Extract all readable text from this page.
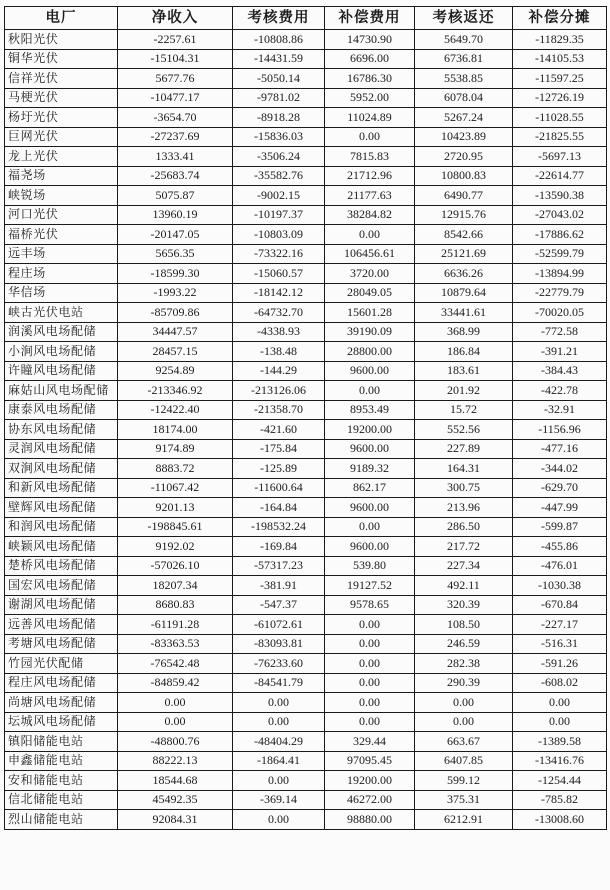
电厂	净收入	考核费用	补偿费用	考核返还	补偿分摊
秋阳光伏	-2257.61	-10808.86	14730.90	5649.70	-11829.35
铜华光伏	-15104.31	-14431.59	6696.00	6736.81	-14105.53
信祥光伏	5677.76	-5050.14	16786.30	5538.85	-11597.25
马梗光伏	-10477.17	-9781.02	5952.00	6078.04	-12726.19
杨圩光伏	-3654.70	-8918.28	11024.89	5267.24	-11028.55
巨网光伏	-27237.69	-15836.03	0.00	10423.89	-21825.55
龙上光伏	1333.41	-3506.24	7815.83	2720.95	-5697.13
福尧场	-25683.74	-35582.76	21712.96	10800.83	-22614.77
峡锐场	5075.87	-9002.15	21177.63	6490.77	-13590.38
河口光伏	13960.19	-10197.37	38284.82	12915.76	-27043.02
福桥光伏	-20147.05	-10803.09	0.00	8542.66	-17886.62
远丰场	5656.35	-73322.16	106456.61	25121.69	-52599.79
程庄场	-18599.30	-15060.57	3720.00	6636.26	-13894.99
华信场	-1993.22	-18142.12	28049.05	10879.64	-22779.79
峡古光伏电站	-85709.86	-64732.70	15601.28	33441.61	-70020.05
润溪风电场配储	34447.57	-4338.93	39190.09	368.99	-772.58
小涧风电场配储	28457.15	-138.48	28800.00	186.84	-391.21
许瞳风电场配储	9254.89	-144.29	9600.00	183.61	-384.43
麻姑山风电场配储	-213346.92	-213126.06	0.00	201.92	-422.78
康泰风电场配储	-12422.40	-21358.70	8953.49	15.72	-32.91
协东风电场配储	18174.00	-421.60	19200.00	552.56	-1156.96
灵润风电场配储	9174.89	-175.84	9600.00	227.89	-477.16
双涧风电场配储	8883.72	-125.89	9189.32	164.31	-344.02
和新风电场配储	-11067.42	-11600.64	862.17	300.75	-629.70
壁辉风电场配储	9201.13	-164.84	9600.00	213.96	-447.99
和润风电场配储	-198845.61	-198532.24	0.00	286.50	-599.87
峡颖风电场配储	9192.02	-169.84	9600.00	217.72	-455.86
楚桥风电场配储	-57026.10	-57317.23	539.80	227.34	-476.01
国宏风电场配储	18207.34	-381.91	19127.52	492.11	-1030.38
谢湖风电场配储	8680.83	-547.37	9578.65	320.39	-670.84
远善风电场配储	-61191.28	-61072.61	0.00	108.50	-227.17
考塘风电场配储	-83363.53	-83093.81	0.00	246.59	-516.31
竹园光伏配储	-76542.48	-76233.60	0.00	282.38	-591.26
程庄风电场配储	-84859.42	-84541.79	0.00	290.39	-608.02
尚塘风电场配储	0.00	0.00	0.00	0.00	0.00
坛城风电场配储	0.00	0.00	0.00	0.00	0.00
镇阳储能电站	-48800.76	-48404.29	329.44	663.67	-1389.58
申鑫储能电站	88222.13	-1864.41	97095.45	6407.85	-13416.76
安和储能电站	18544.68	0.00	19200.00	599.12	-1254.44
信北储能电站	45492.35	-369.14	46272.00	375.31	-785.82
烈山储能电站	92084.31	0.00	98880.00	6212.91	-13008.60
